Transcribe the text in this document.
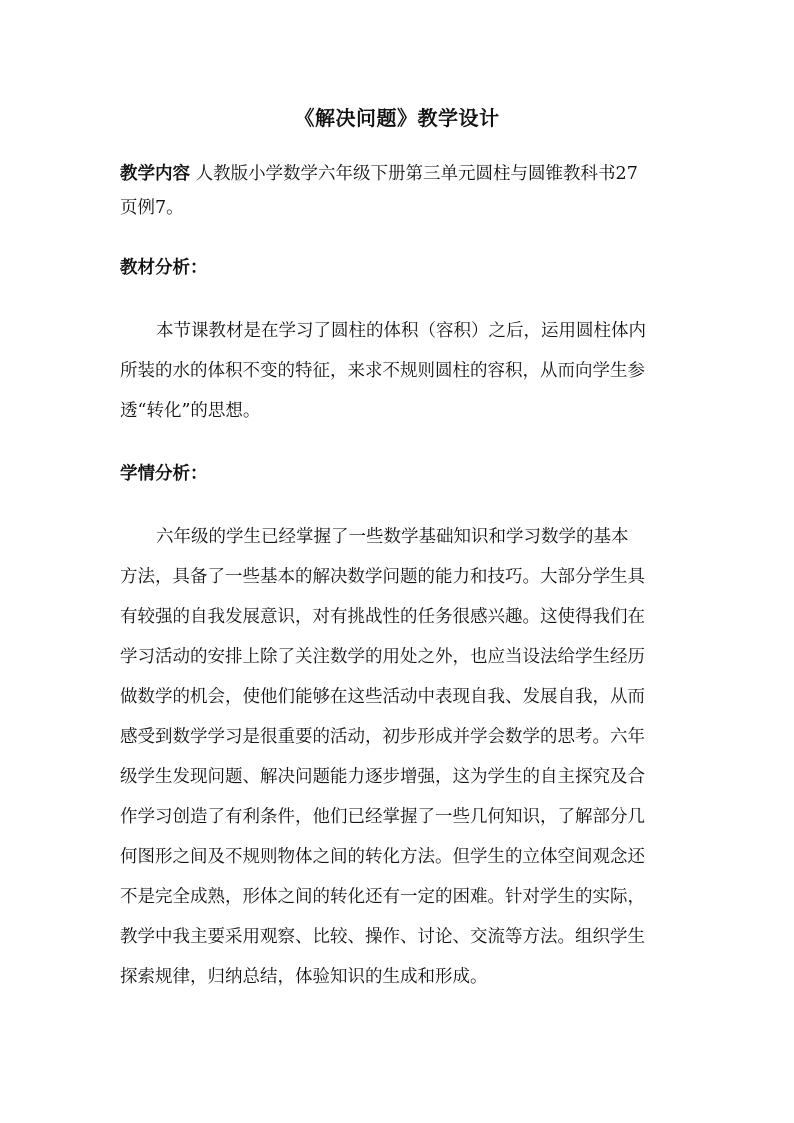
《解决问题》教学设计
教学内容 人教版小学数学六年级下册第三单元圆柱与圆锥教科书27
页例7。
教材分析：
本节课教材是在学习了圆柱的体积（容积）之后，运用圆柱体内
所装的水的体积不变的特征，来求不规则圆柱的容积，从而向学生参
透“转化”的思想。
学情分析：
六年级的学生已经掌握了一些数学基础知识和学习数学的基本
方法，具备了一些基本的解决数学问题的能力和技巧。大部分学生具
有较强的自我发展意识，对有挑战性的任务很感兴趣。这使得我们在
学习活动的安排上除了关注数学的用处之外，也应当设法给学生经历
做数学的机会，使他们能够在这些活动中表现自我、发展自我，从而
感受到数学学习是很重要的活动，初步形成并学会数学的思考。六年
级学生发现问题、解决问题能力逐步增强，这为学生的自主探究及合
作学习创造了有利条件，他们已经掌握了一些几何知识，了解部分几
何图形之间及不规则物体之间的转化方法。但学生的立体空间观念还
不是完全成熟，形体之间的转化还有一定的困难。针对学生的实际，
教学中我主要采用观察、比较、操作、讨论、交流等方法。组织学生
探索规律，归纳总结，体验知识的生成和形成。
